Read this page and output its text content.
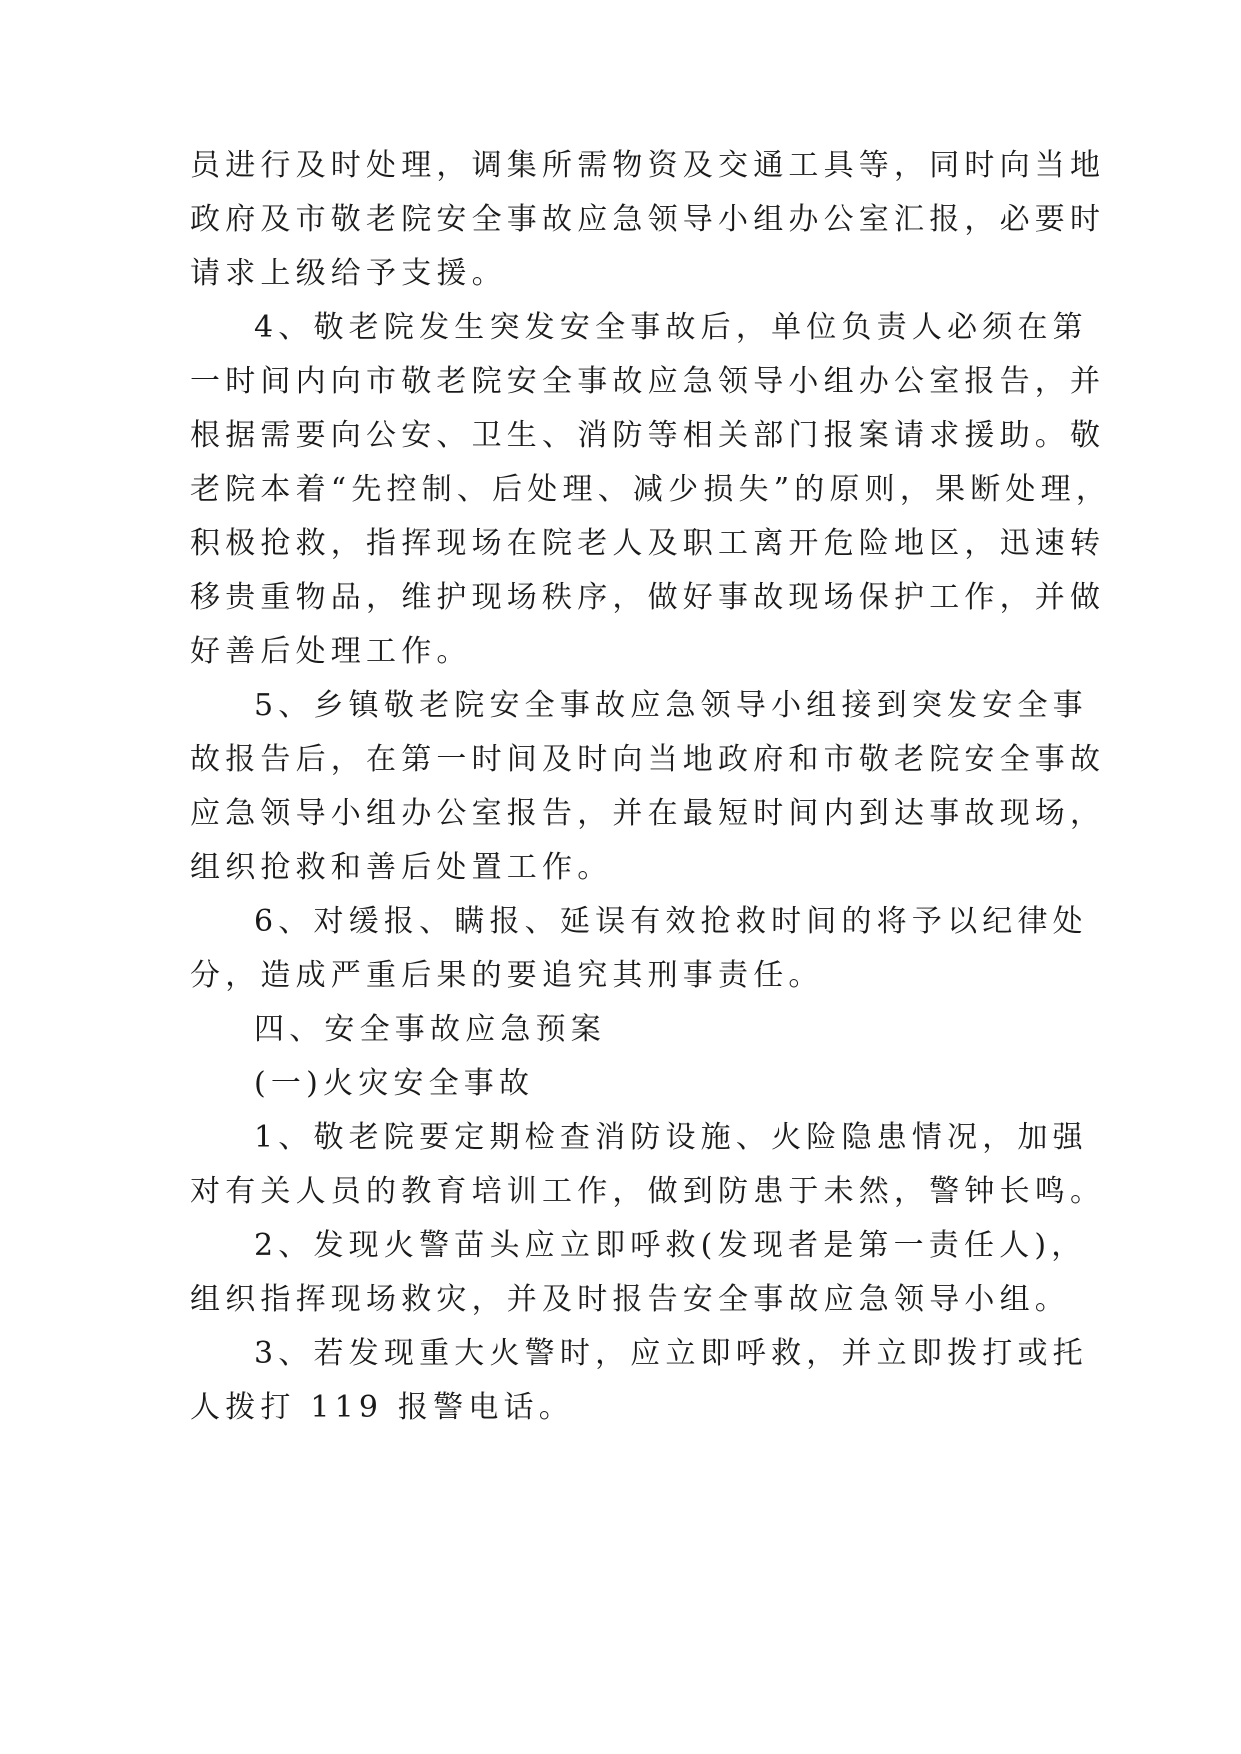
员进行及时处理，调集所需物资及交通工具等，同时向当地
政府及市敬老院安全事故应急领导小组办公室汇报，必要时
请求上级给予支援。
4、敬老院发生突发安全事故后，单位负责人必须在第
一时间内向市敬老院安全事故应急领导小组办公室报告，并
根据需要向公安、卫生、消防等相关部门报案请求援助。敬
老院本着“先控制、后处理、减少损失”的原则，果断处理，
积极抢救，指挥现场在院老人及职工离开危险地区，迅速转
移贵重物品，维护现场秩序，做好事故现场保护工作，并做
好善后处理工作。
5、乡镇敬老院安全事故应急领导小组接到突发安全事
故报告后，在第一时间及时向当地政府和市敬老院安全事故
应急领导小组办公室报告，并在最短时间内到达事故现场，
组织抢救和善后处置工作。
6、对缓报、瞒报、延误有效抢救时间的将予以纪律处
分，造成严重后果的要追究其刑事责任。
四、安全事故应急预案
(一)火灾安全事故
1、敬老院要定期检查消防设施、火险隐患情况，加强
对有关人员的教育培训工作，做到防患于未然，警钟长鸣。
2、发现火警苗头应立即呼救(发现者是第一责任人)，
组织指挥现场救灾，并及时报告安全事故应急领导小组。
3、若发现重大火警时，应立即呼救，并立即拨打或托
人拨打 119 报警电话。
